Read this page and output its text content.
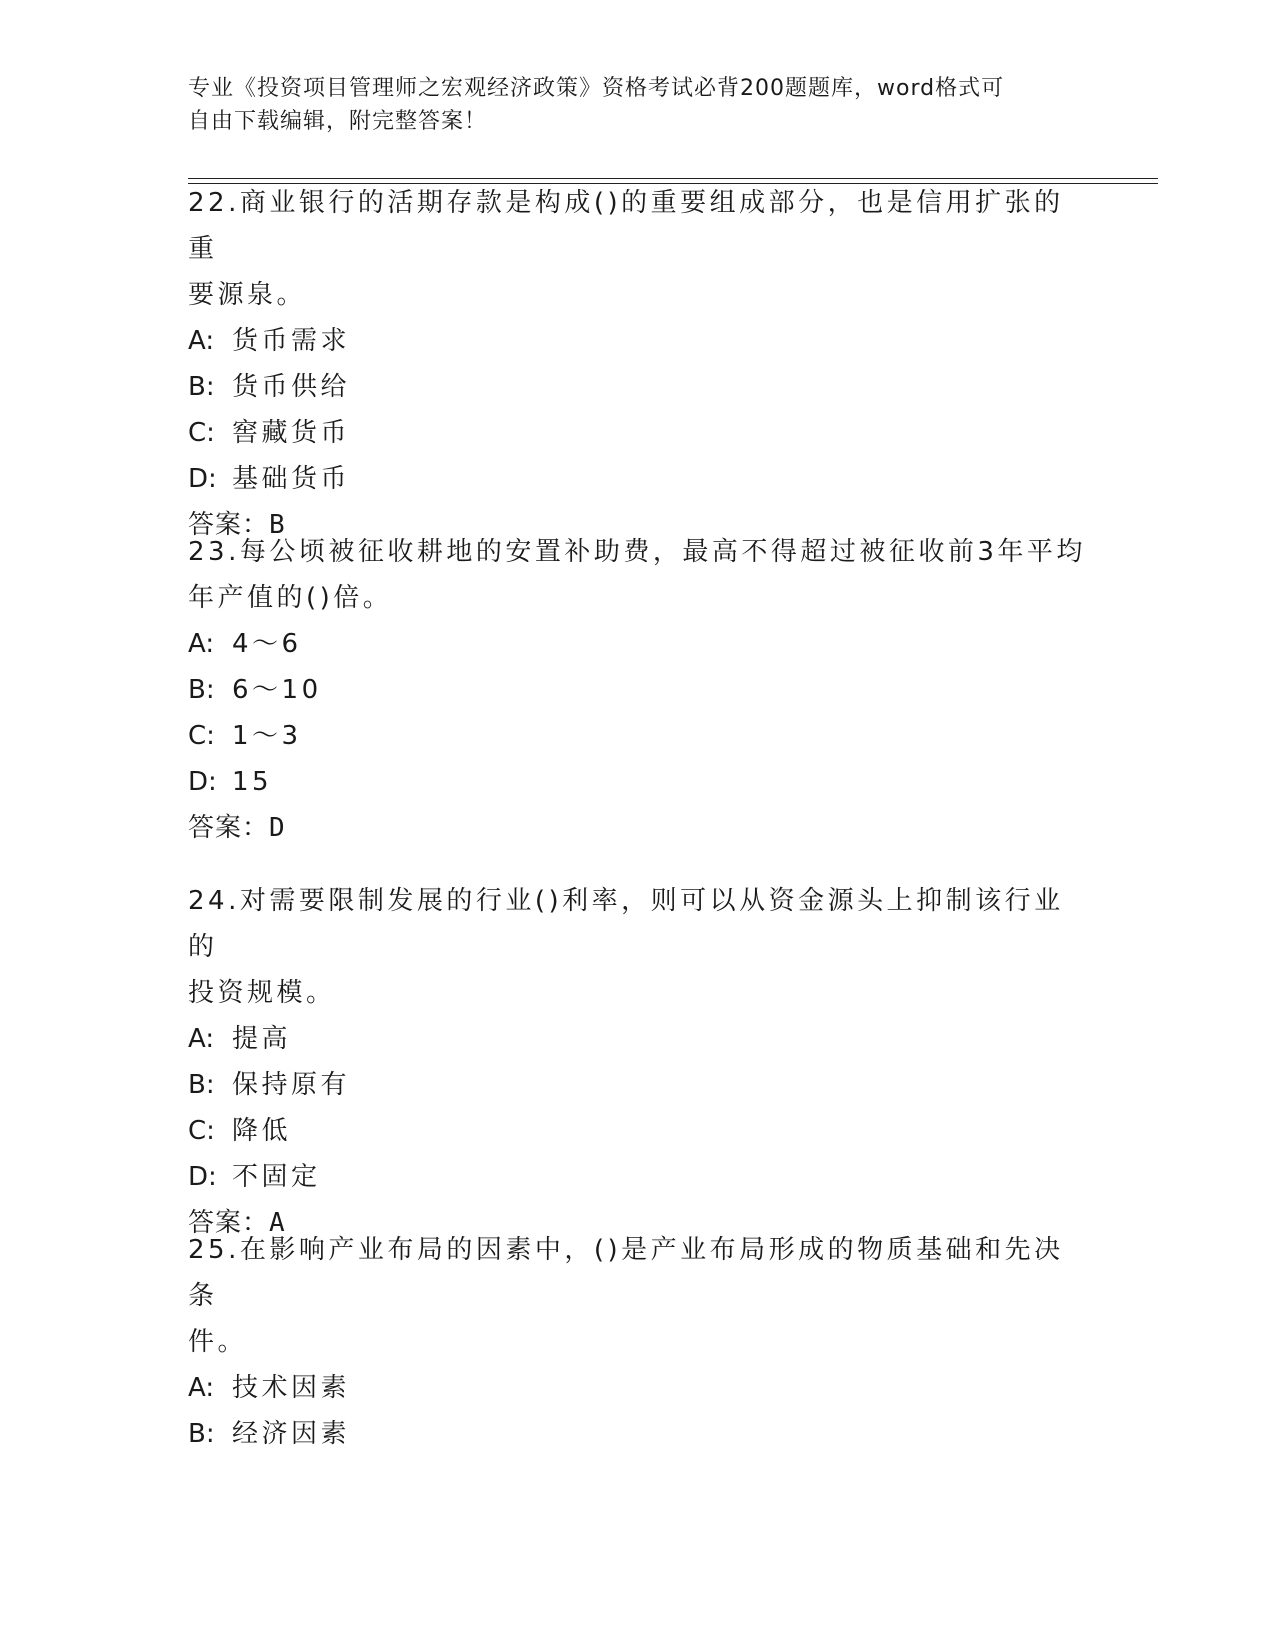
专业《投资项目管理师之宏观经济政策》资格考试必背200题题库，word格式可
自由下载编辑，附完整答案！
22.商业银行的活期存款是构成()的重要组成部分，也是信用扩张的重
要源泉。
A: 货币需求
B: 货币供给
C: 窖藏货币
D: 基础货币
答案：B
23.每公顷被征收耕地的安置补助费，最高不得超过被征收前3年平均
年产值的()倍。
A: 4～6
B: 6～10
C: 1～3
D: 15
答案：D
24.对需要限制发展的行业()利率，则可以从资金源头上抑制该行业的
投资规模。
A: 提高
B: 保持原有
C: 降低
D: 不固定
答案：A
25.在影响产业布局的因素中，()是产业布局形成的物质基础和先决条
件。
A: 技术因素
B: 经济因素
